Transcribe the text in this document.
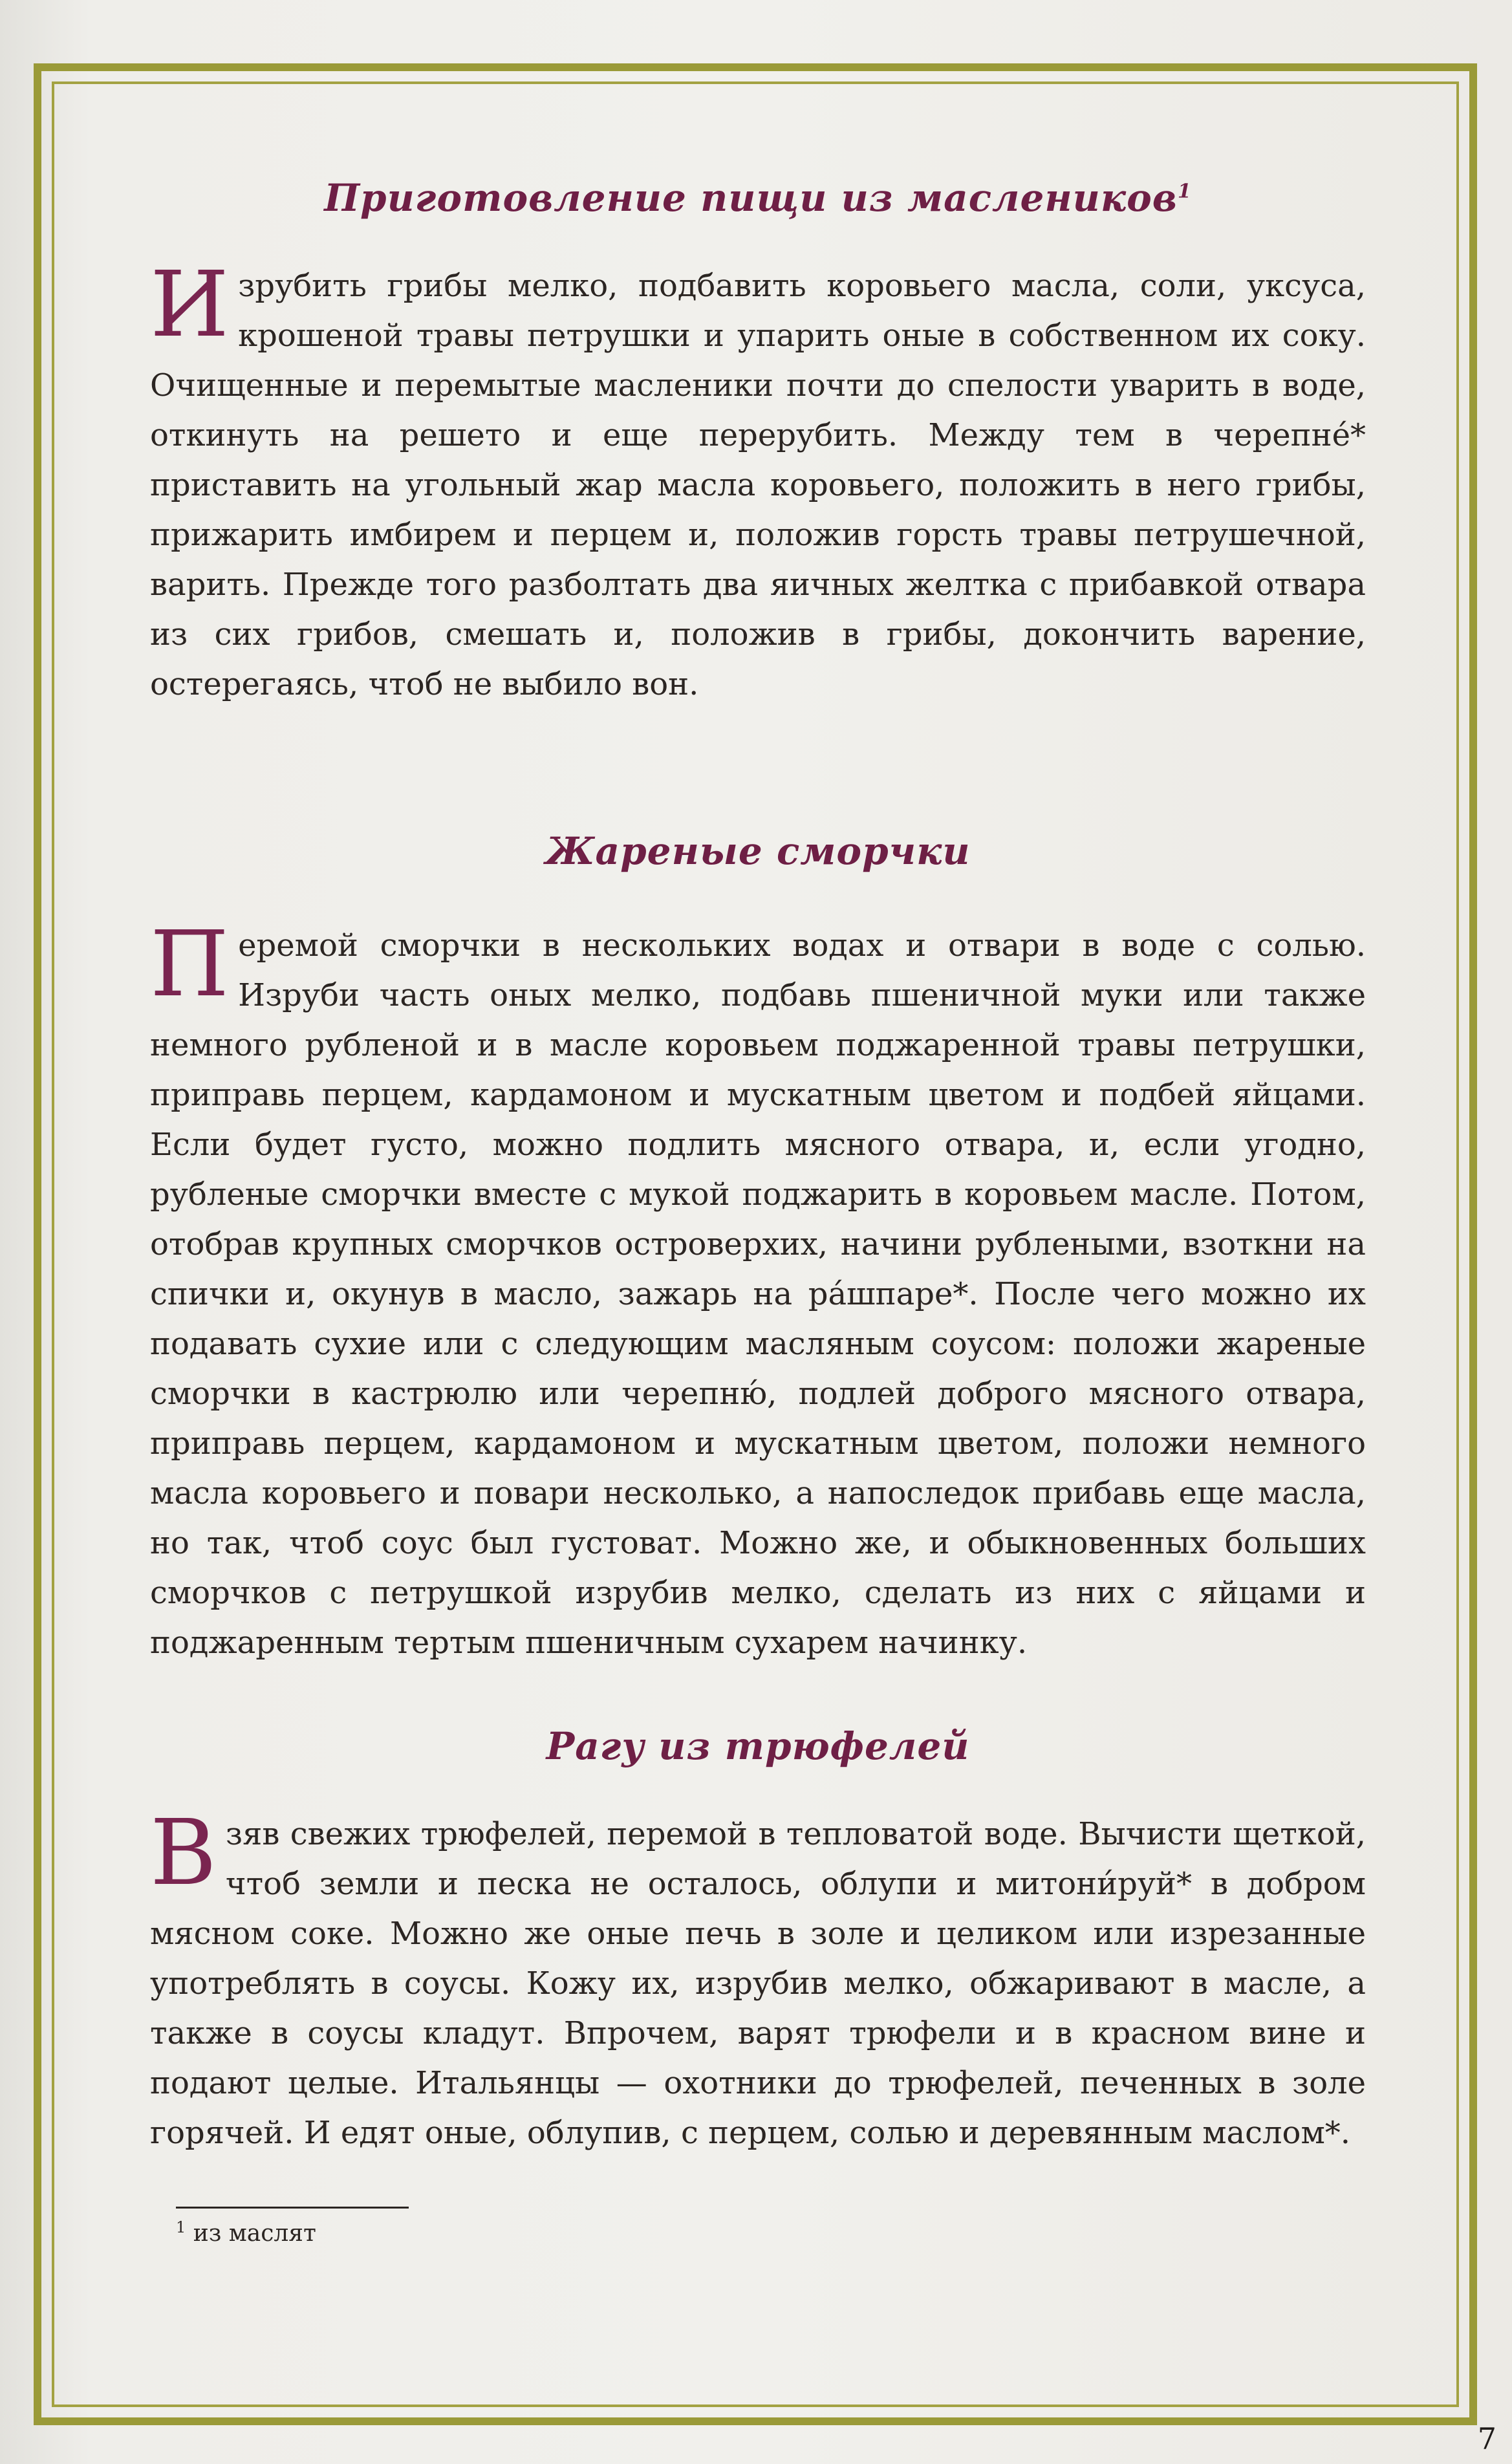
Приготовление пищи из маслеников$^1$

Изрубить грибы мелко, подбавить коровьего масла, соли, уксуса, крошеной травы петрушки и упарить оные в собственном их соку. Очищенные и перемытые масленики почти до спелости уварить в воде, откинуть на решето и еще перерубить. Между тем в черепне́* приставить на угольный жар масла коровьего, положить в него грибы, прижарить имбирем и перцем и, положив горсть травы петрушечной, варить. Прежде того разболтать два яичных желтка с прибавкой отвара из сих грибов, смешать и, положив в грибы, докончить варение, остерегаясь, чтоб не выбило вон.

Жареные сморчки

Перемой сморчки в нескольких водах и отвари в воде с солью. Изруби часть оных мелко, подбавь пшеничной муки или также немного рубленой и в масле коровьем поджаренной травы петрушки, приправь перцем, кардамоном и мускатным цветом и подбей яйцами. Если будет густо, можно подлить мясного отвара, и, если угодно, рубленые сморчки вместе с мукой поджарить в коровьем масле. Потом, отобрав крупных сморчков островерхих, начини рублеными, взоткни на спички и, окунув в масло, зажарь на ра́шпаре*. После чего можно их подавать сухие или с следующим масляным соусом: положи жареные сморчки в кастрюлю или черепню́, подлей доброго мясного отвара, приправь перцем, кардамоном и мускатным цветом, положи немного масла коровьего и повари несколько, а напоследок прибавь еще масла, но так, чтоб соус был густоват. Можно же, и обыкновенных больших сморчков с петрушкой изрубив мелко, сделать из них с яйцами и поджаренным тертым пшеничным сухарем начинку.

Рагу из трюфелей

Взяв свежих трюфелей, перемой в тепловатой воде. Вычисти щеткой, чтоб земли и песка не осталось, облупи и митони́руй* в добром мясном соке. Можно же оные печь в золе и целиком или изрезанные употреблять в соусы. Кожу их, изрубив мелко, обжаривают в масле, а также в соусы кладут. Впрочем, варят трюфели и в красном вине и подают целые. Итальянцы — охотники до трюфелей, печенных в золе горячей. И едят оные, облупив, с перцем, солью и деревянным маслом*.

$^1$ из маслят
7
